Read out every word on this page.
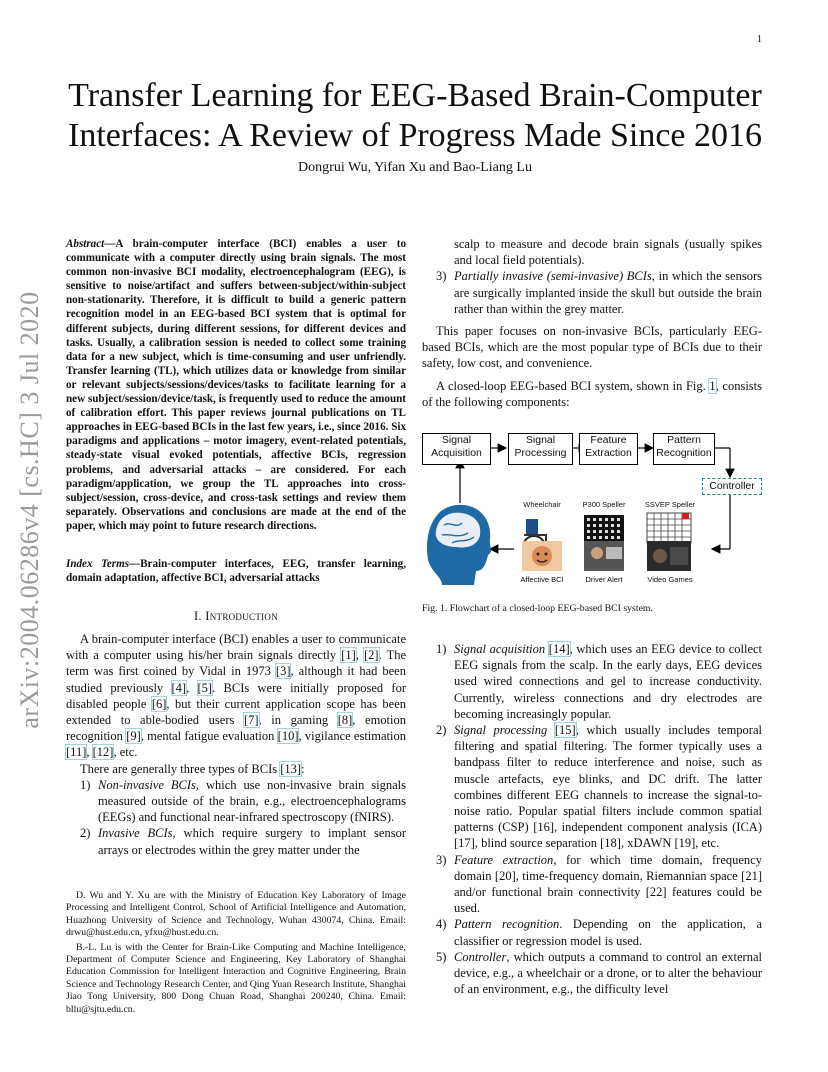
1
Transfer Learning for EEG-Based Brain-Computer
Interfaces: A Review of Progress Made Since 2016
Dongrui Wu, Yifan Xu and Bao-Liang Lu
arXiv:2004.06286v4 [cs.HC] 3 Jul 2020
Abstract—A brain-computer interface (BCI) enables a user to communicate with a computer directly using brain signals. The most common non-invasive BCI modality, electroencephalogram (EEG), is sensitive to noise/artifact and suffers between-subject/within-subject non-stationarity. Therefore, it is difficult to build a generic pattern recognition model in an EEG-based BCI system that is optimal for different subjects, during different sessions, for different devices and tasks. Usually, a calibration session is needed to collect some training data for a new subject, which is time-consuming and user unfriendly. Transfer learning (TL), which utilizes data or knowledge from similar or relevant subjects/sessions/devices/tasks to facilitate learning for a new subject/session/device/task, is frequently used to reduce the amount of calibration effort. This paper reviews journal publications on TL approaches in EEG-based BCIs in the last few years, i.e., since 2016. Six paradigms and applications – motor imagery, event-related potentials, steady-state visual evoked potentials, affective BCIs, regression problems, and adversarial attacks – are considered. For each paradigm/application, we group the TL approaches into cross-subject/session, cross-device, and cross-task settings and review them separately. Observations and conclusions are made at the end of the paper, which may point to future research directions.
Index Terms—Brain-computer interfaces, EEG, transfer learning, domain adaptation, affective BCI, adversarial attacks
I. Introduction

A brain-computer interface (BCI) enables a user to communicate with a computer using his/her brain signals directly [1], [2]. The term was first coined by Vidal in 1973 [3], although it had been studied previously [4], [5]. BCIs were initially proposed for disabled people [6], but their current application scope has been extended to able-bodied users [7], in gaming [8], emotion recognition [9], mental fatigue evaluation [10], vigilance estimation [11], [12], etc.

There are generally three types of BCIs [13]:

1) Non-invasive BCIs, which use non-invasive brain signals measured outside of the brain, e.g., electroencephalograms (EEGs) and functional near-infrared spectroscopy (fNIRS).
2) Invasive BCIs, which require surgery to implant sensor arrays or electrodes within the grey matter under the

D. Wu and Y. Xu are with the Ministry of Education Key Laboratory of Image Processing and Intelligent Control, School of Artificial Intelligence and Automation, Huazhong University of Science and Technology, Wuhan 430074, China. Email: drwu@hust.edu.cn, yfxu@hust.edu.cn.

B.-L. Lu is with the Center for Brain-Like Computing and Machine Intelligence, Department of Computer Science and Engineering, Key Laboratory of Shanghai Education Commission for Intelligent Interaction and Cognitive Engineering, Brain Science and Technology Research Center, and Qing Yuan Research Institute, Shanghai Jiao Tong University, 800 Dong Chuan Road, Shanghai 200240, China. Email: bllu@sjtu.edu.cn.

scalp to measure and decode brain signals (usually spikes and local field potentials).
3) Partially invasive (semi-invasive) BCIs, in which the sensors are surgically implanted inside the skull but outside the brain rather than within the grey matter.

This paper focuses on non-invasive BCIs, particularly EEG-based BCIs, which are the most popular type of BCIs due to their safety, low cost, and convenience.

A closed-loop EEG-based BCI system, shown in Fig. 1, consists of the following components:

Signal Acquisition
Signal Processing
Feature Extraction
Pattern Recognition
Controller
Wheelchair	P300 Speller	SSVEP Speller
Affective BCI	Driver Alert	Video Games
Fig. 1. Flowchart of a closed-loop EEG-based BCI system.
1) Signal acquisition [14], which uses an EEG device to collect EEG signals from the scalp. In the early days, EEG devices used wired connections and gel to increase conductivity. Currently, wireless connections and dry electrodes are becoming increasingly popular.
2) Signal processing [15], which usually includes temporal filtering and spatial filtering. The former typically uses a bandpass filter to reduce interference and noise, such as muscle artefacts, eye blinks, and DC drift. The latter combines different EEG channels to increase the signal-to-noise ratio. Popular spatial filters include common spatial patterns (CSP) [16], independent component analysis (ICA) [17], blind source separation [18], xDAWN [19], etc.
3) Feature extraction, for which time domain, frequency domain [20], time-frequency domain, Riemannian space [21] and/or functional brain connectivity [22] features could be used.
4) Pattern recognition. Depending on the application, a classifier or regression model is used.
5) Controller, which outputs a command to control an external device, e.g., a wheelchair or a drone, or to alter the behaviour of an environment, e.g., the difficulty level
